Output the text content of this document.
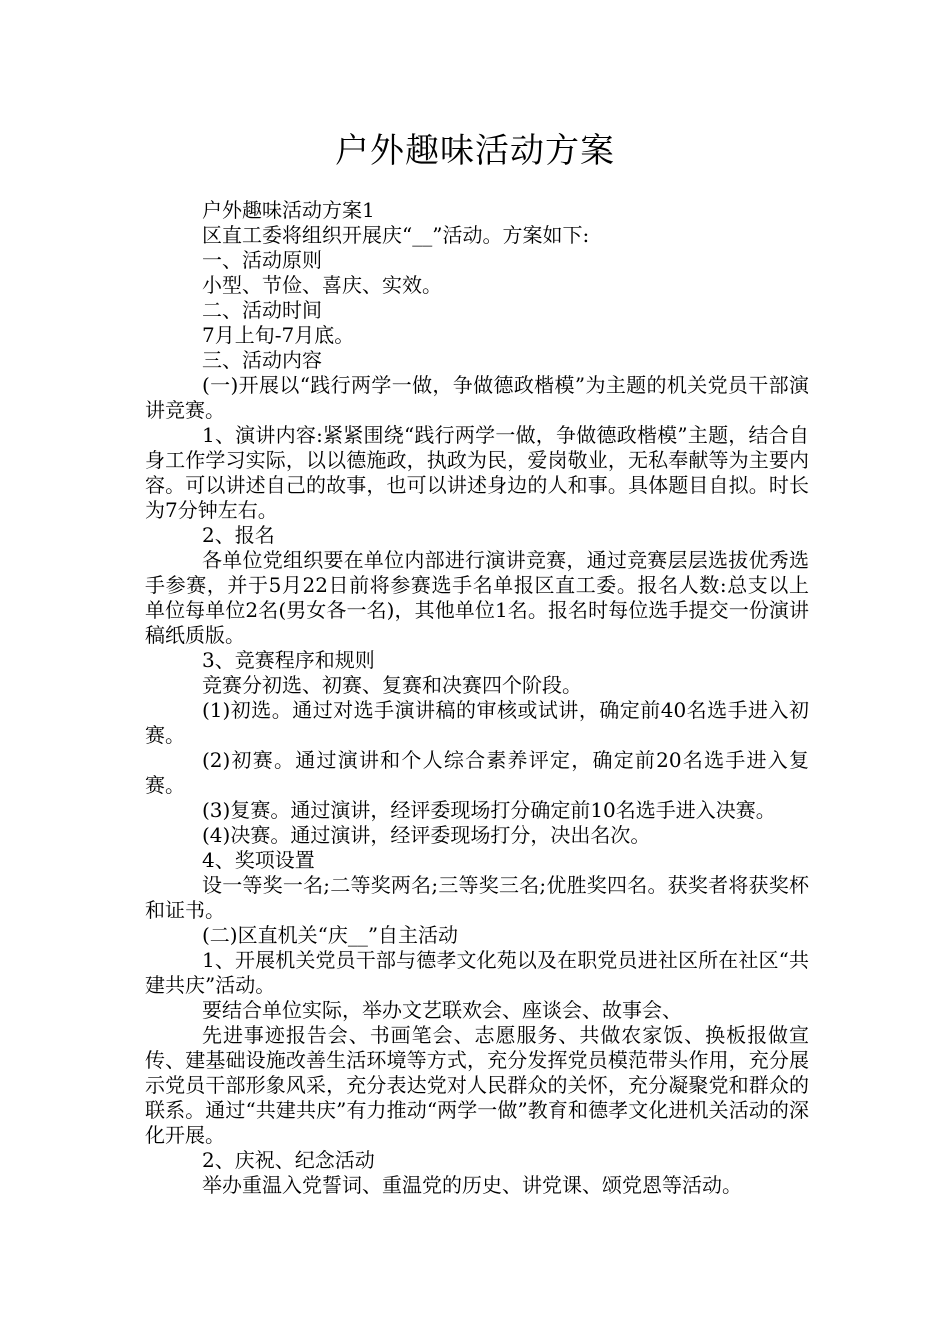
户外趣味活动方案

户外趣味活动方案1

区直工委将组织开展庆“__”活动。方案如下:

一、活动原则

小型、节俭、喜庆、实效。

二、活动时间

7月上旬-7月底。

三、活动内容

(一)开展以“践行两学一做，争做德政楷模”为主题的机关党员干部演讲竞赛。

1、演讲内容:紧紧围绕“践行两学一做，争做德政楷模”主题，结合自身工作学习实际，以以德施政，执政为民，爱岗敬业，无私奉献等为主要内容。可以讲述自己的故事，也可以讲述身边的人和事。具体题目自拟。时长为7分钟左右。

2、报名

各单位党组织要在单位内部进行演讲竞赛，通过竞赛层层选拔优秀选手参赛，并于5月22日前将参赛选手名单报区直工委。报名人数:总支以上单位每单位2名(男女各一名)，其他单位1名。报名时每位选手提交一份演讲稿纸质版。

3、竞赛程序和规则

竞赛分初选、初赛、复赛和决赛四个阶段。

(1)初选。通过对选手演讲稿的审核或试讲，确定前40名选手进入初赛。

(2)初赛。通过演讲和个人综合素养评定，确定前20名选手进入复赛。

(3)复赛。通过演讲，经评委现场打分确定前10名选手进入决赛。

(4)决赛。通过演讲，经评委现场打分，决出名次。

4、奖项设置

设一等奖一名;二等奖两名;三等奖三名;优胜奖四名。获奖者将获奖杯和证书。

(二)区直机关“庆__”自主活动

1、开展机关党员干部与德孝文化苑以及在职党员进社区所在社区“共建共庆”活动。

要结合单位实际，举办文艺联欢会、座谈会、故事会、

先进事迹报告会、书画笔会、志愿服务、共做农家饭、换板报做宣传、建基础设施改善生活环境等方式，充分发挥党员模范带头作用，充分展示党员干部形象风采，充分表达党对人民群众的关怀，充分凝聚党和群众的联系。通过“共建共庆”有力推动“两学一做”教育和德孝文化进机关活动的深化开展。

2、庆祝、纪念活动

举办重温入党誓词、重温党的历史、讲党课、颂党恩等活动。
